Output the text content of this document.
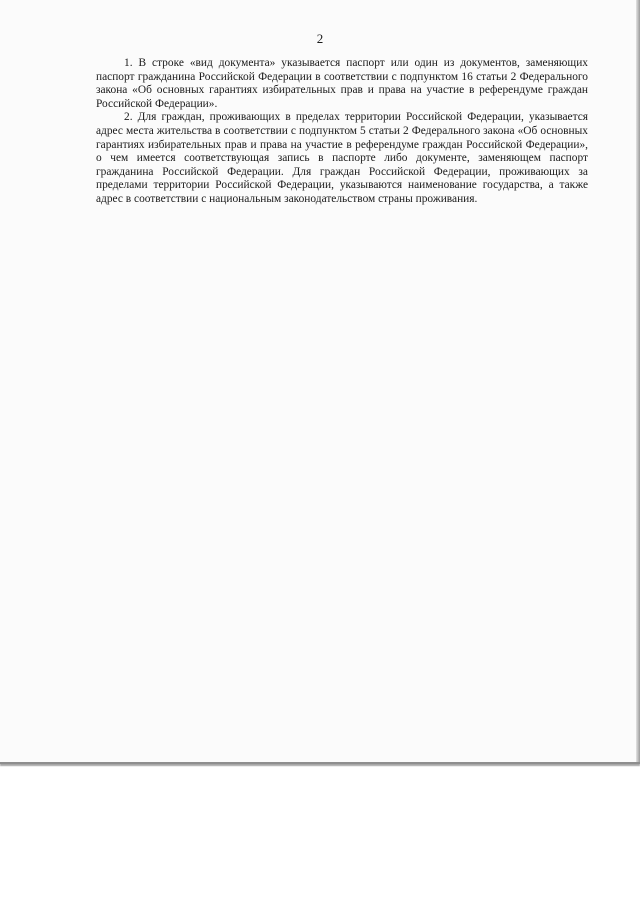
2

1. В строке «вид документа» указывается паспорт или один из документов, заменяющих паспорт гражданина Российской Федерации в соответствии с подпунктом 16 статьи 2 Федерального закона «Об основных гарантиях избирательных прав и права на участие в референдуме граждан Российской Федерации».

2. Для граждан, проживающих в пределах территории Российской Федерации, указывается адрес места жительства в соответствии с подпунктом 5 статьи 2 Федерального закона «Об основных гарантиях избирательных прав и права на участие в референдуме граждан Российской Федерации», о чем имеется соответствующая запись в паспорте либо документе, заменяющем паспорт гражданина Российской Федерации. Для граждан Российской Федерации, проживающих за пределами территории Российской Федерации, указываются наименование государства, а также адрес в соответствии с национальным законодательством страны проживания.
